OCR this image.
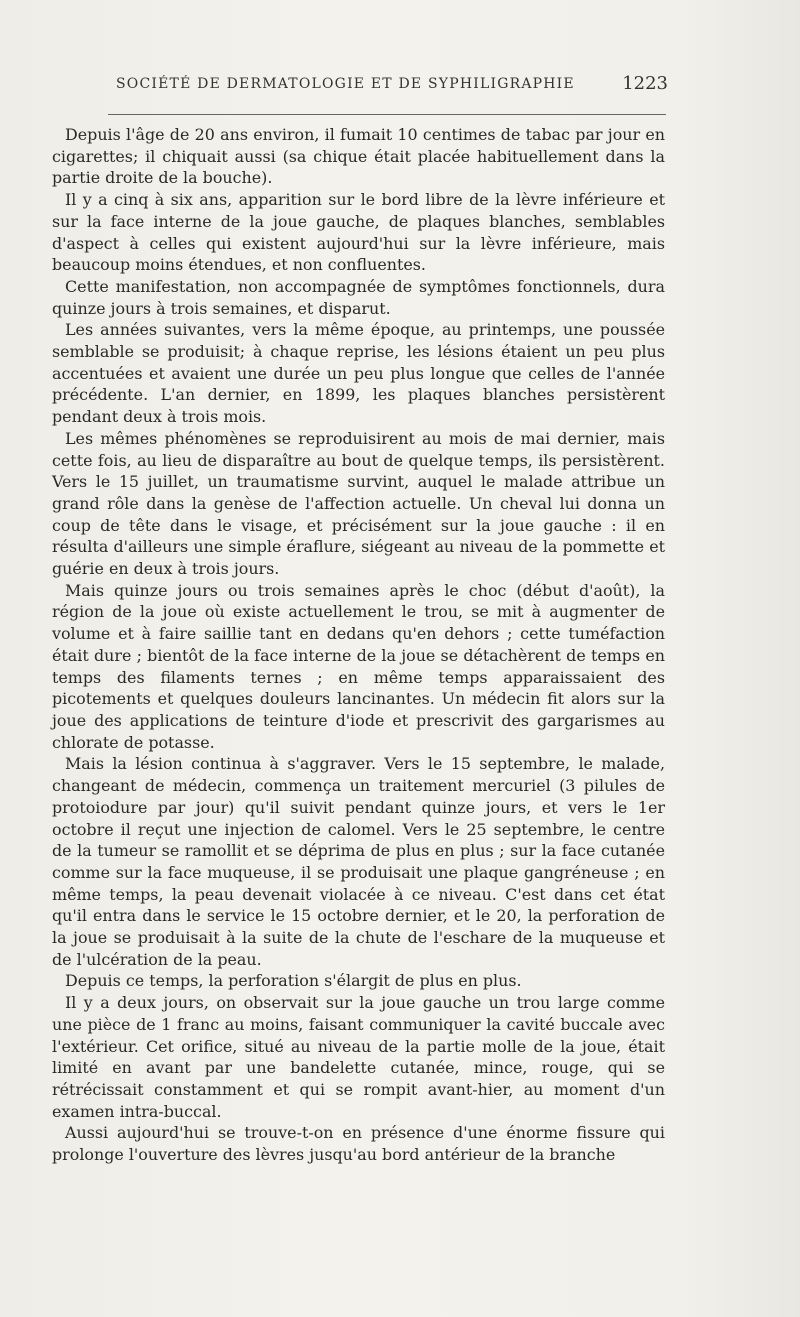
SOCIÉTÉ DE DERMATOLOGIE ET DE SYPHILIGRAPHIE	1223

Depuis l'âge de 20 ans environ, il fumait 10 centimes de tabac par jour en cigarettes; il chiquait aussi (sa chique était placée habituellement dans la partie droite de la bouche).

Il y a cinq à six ans, apparition sur le bord libre de la lèvre inférieure et sur la face interne de la joue gauche, de plaques blanches, semblables d'aspect à celles qui existent aujourd'hui sur la lèvre inférieure, mais beaucoup moins étendues, et non confluentes.

Cette manifestation, non accompagnée de symptômes fonctionnels, dura quinze jours à trois semaines, et disparut.

Les années suivantes, vers la même époque, au printemps, une poussée semblable se produisit; à chaque reprise, les lésions étaient un peu plus accentuées et avaient une durée un peu plus longue que celles de l'année précédente. L'an dernier, en 1899, les plaques blanches persistèrent pendant deux à trois mois.

Les mêmes phénomènes se reproduisirent au mois de mai dernier, mais cette fois, au lieu de disparaître au bout de quelque temps, ils persistèrent. Vers le 15 juillet, un traumatisme survint, auquel le malade attribue un grand rôle dans la genèse de l'affection actuelle. Un cheval lui donna un coup de tête dans le visage, et précisément sur la joue gauche : il en résulta d'ailleurs une simple éraflure, siégeant au niveau de la pommette et guérie en deux à trois jours.

Mais quinze jours ou trois semaines après le choc (début d'août), la région de la joue où existe actuellement le trou, se mit à augmenter de volume et à faire saillie tant en dedans qu'en dehors ; cette tuméfaction était dure ; bientôt de la face interne de la joue se détachèrent de temps en temps des filaments ternes ; en même temps apparaissaient des picotements et quelques douleurs lancinantes. Un médecin fit alors sur la joue des applications de teinture d'iode et prescrivit des gargarismes au chlorate de potasse.

Mais la lésion continua à s'aggraver. Vers le 15 septembre, le malade, changeant de médecin, commença un traitement mercuriel (3 pilules de protoiodure par jour) qu'il suivit pendant quinze jours, et vers le 1er octobre il reçut une injection de calomel. Vers le 25 septembre, le centre de la tumeur se ramollit et se déprima de plus en plus ; sur la face cutanée comme sur la face muqueuse, il se produisait une plaque gangréneuse ; en même temps, la peau devenait violacée à ce niveau. C'est dans cet état qu'il entra dans le service le 15 octobre dernier, et le 20, la perforation de la joue se produisait à la suite de la chute de l'eschare de la muqueuse et de l'ulcération de la peau.

Depuis ce temps, la perforation s'élargit de plus en plus.

Il y a deux jours, on observait sur la joue gauche un trou large comme une pièce de 1 franc au moins, faisant communiquer la cavité buccale avec l'extérieur. Cet orifice, situé au niveau de la partie molle de la joue, était limité en avant par une bandelette cutanée, mince, rouge, qui se rétrécissait constamment et qui se rompit avant-hier, au moment d'un examen intra-buccal.

Aussi aujourd'hui se trouve-t-on en présence d'une énorme fissure qui prolonge l'ouverture des lèvres jusqu'au bord antérieur de la branche
